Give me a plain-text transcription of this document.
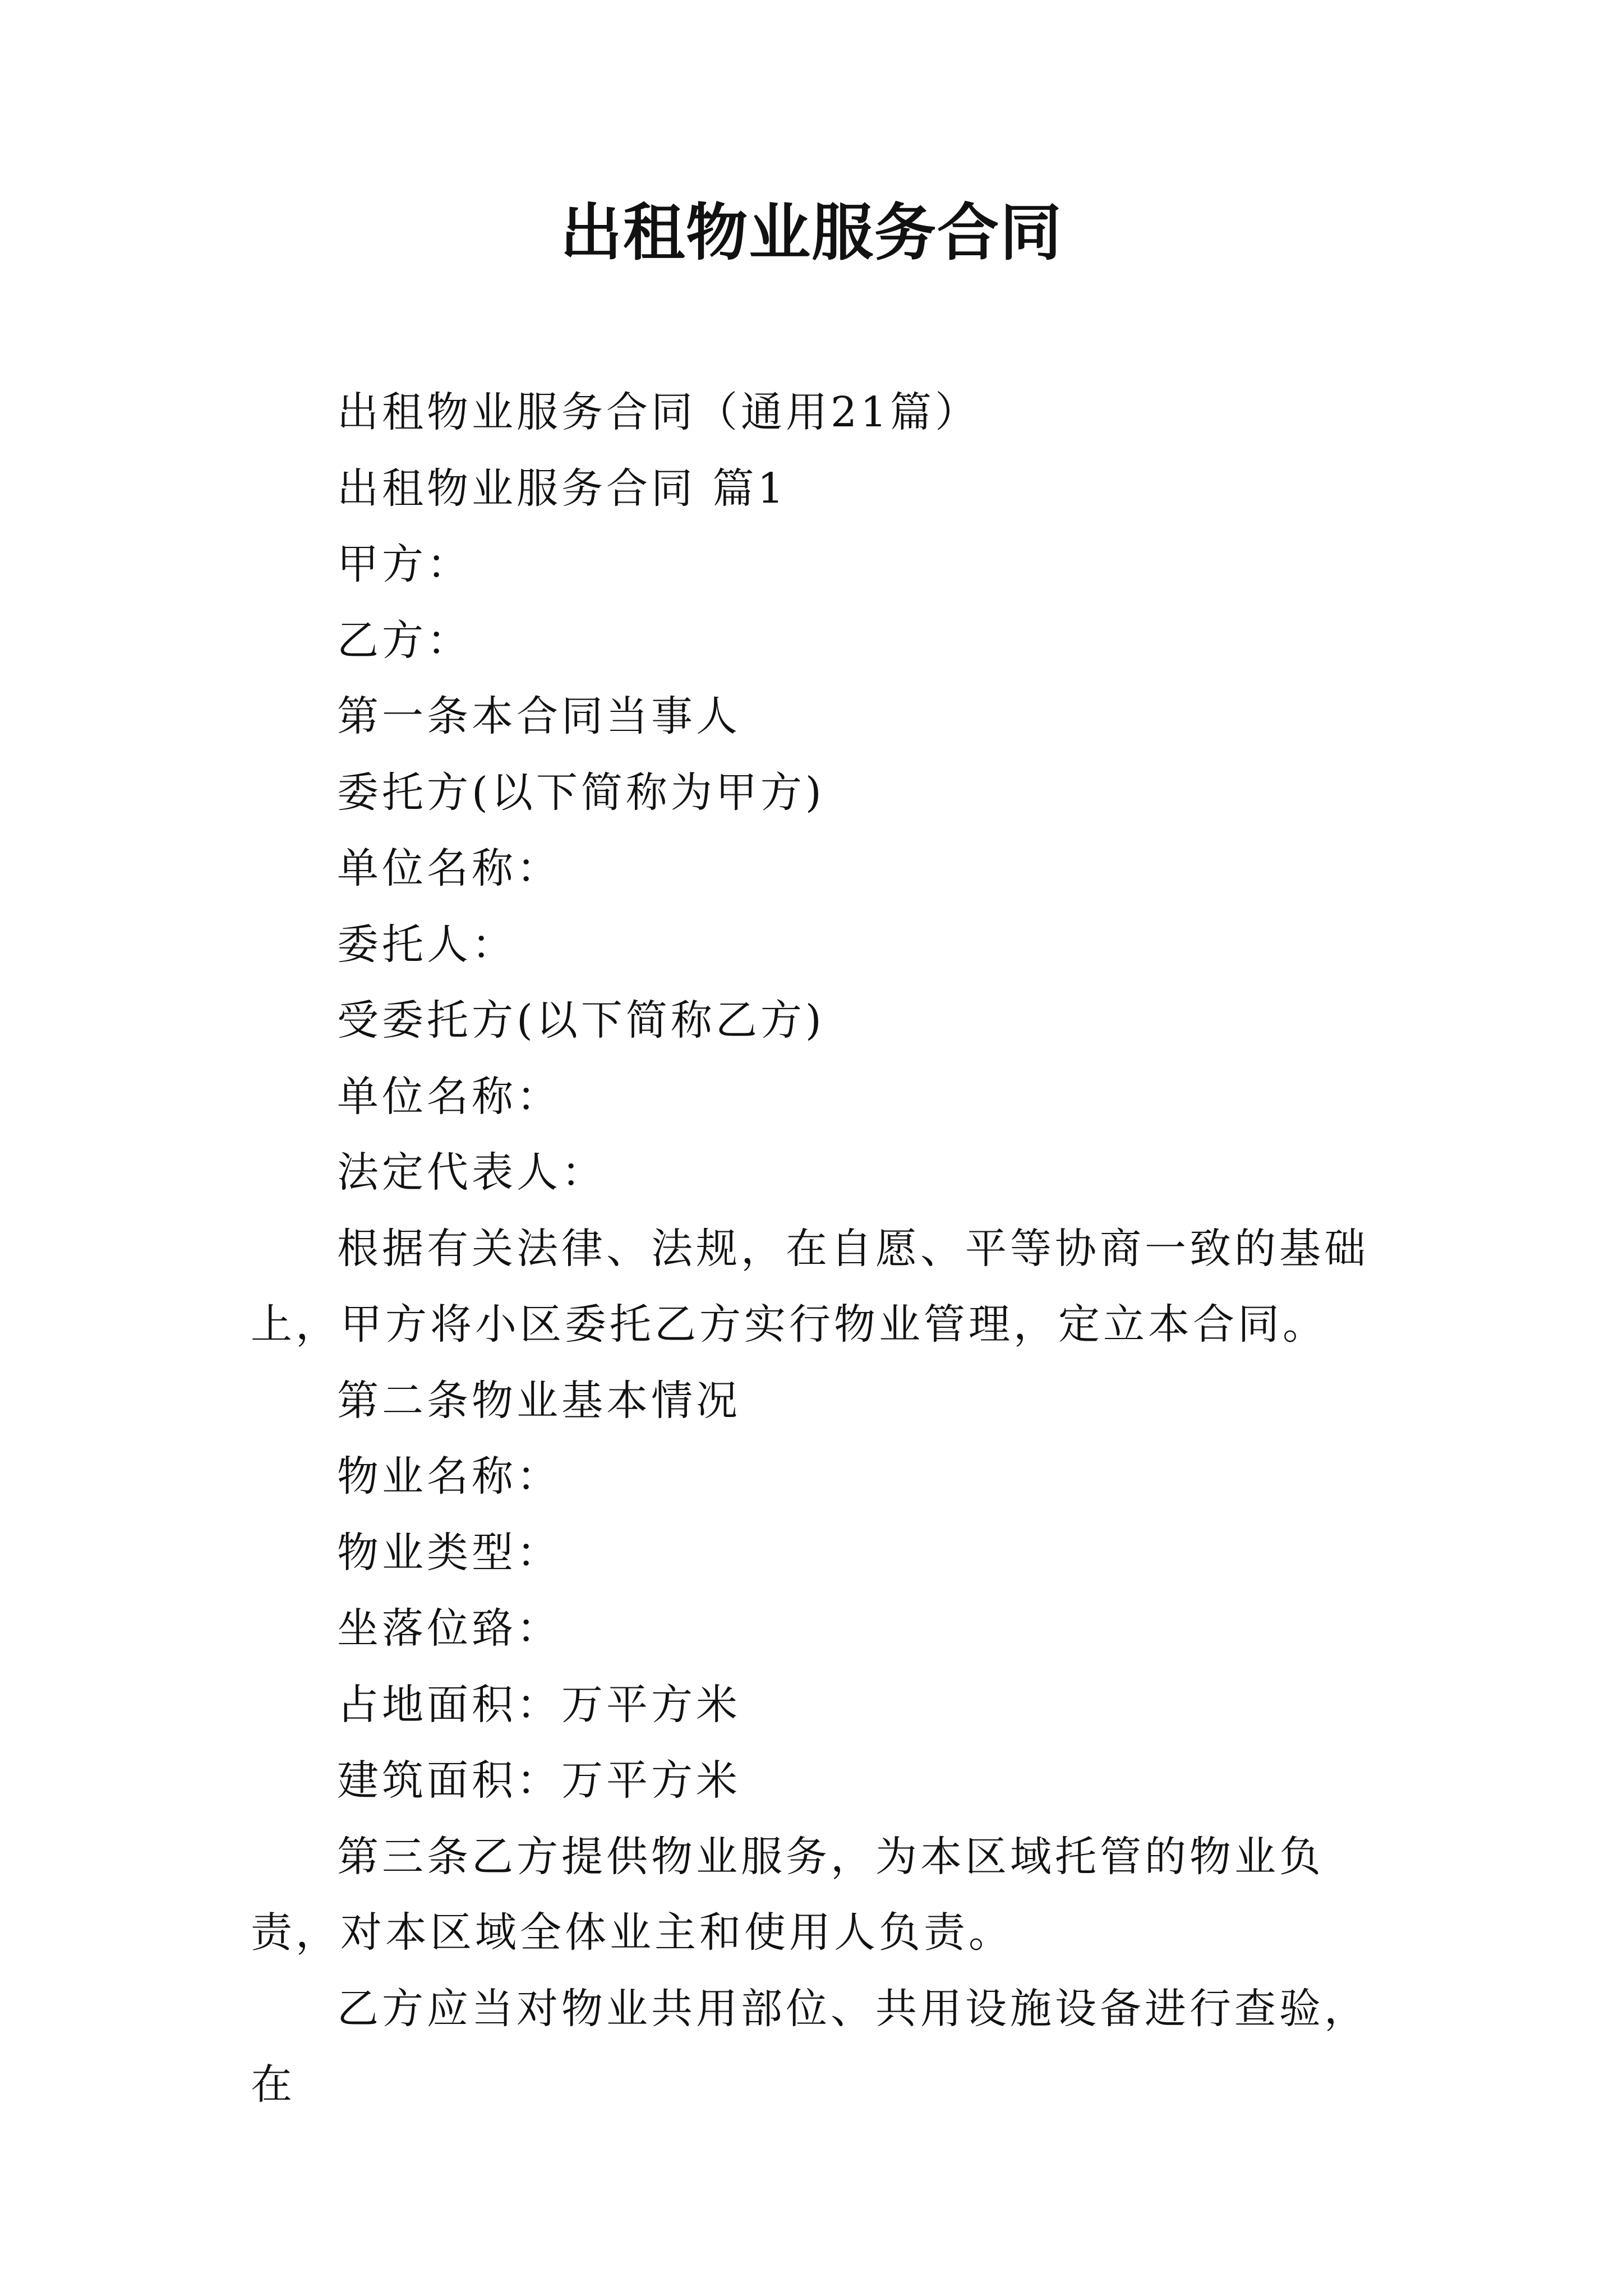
出租物业服务合同

出租物业服务合同（通用21篇）

出租物业服务合同 篇1

甲方：

乙方：

第一条本合同当事人

委托方(以下简称为甲方)

单位名称：

委托人：

受委托方(以下简称乙方)

单位名称：

法定代表人：

根据有关法律、法规，在自愿、平等协商一致的基础上，甲方将小区委托乙方实行物业管理，定立本合同。

第二条物业基本情况

物业名称：

物业类型：

坐落位臵：

占地面积：万平方米

建筑面积：万平方米

第三条乙方提供物业服务，为本区域托管的物业负责，对本区域全体业主和使用人负责。

乙方应当对物业共用部位、共用设施设备进行查验，在
